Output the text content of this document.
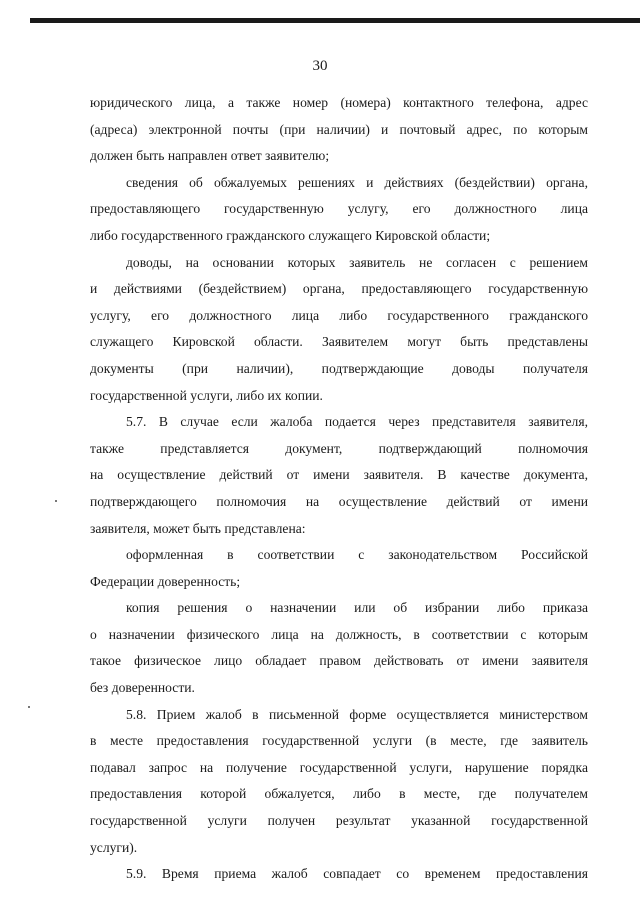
30

юридического лица, а также номер (номера) контактного телефона, адрес

(адреса) электронной почты (при наличии) и почтовый адрес, по которым

должен быть направлен ответ заявителю;

сведения об обжалуемых решениях и действиях (бездействии) органа,

предоставляющего государственную услугу, его должностного лица

либо государственного гражданского служащего Кировской области;

доводы, на основании которых заявитель не согласен с решением

и действиями (бездействием) органа, предоставляющего государственную

услугу, его должностного лица либо государственного гражданского

служащего Кировской области. Заявителем могут быть представлены

документы (при наличии), подтверждающие доводы получателя

государственной услуги, либо их копии.

5.7. В случае если жалоба подается через представителя заявителя,

также представляется документ, подтверждающий полномочия

на осуществление действий от имени заявителя. В качестве документа,

подтверждающего полномочия на осуществление действий от имени

заявителя, может быть представлена:

оформленная в соответствии с законодательством Российской

Федерации доверенность;

копия решения о назначении или об избрании либо приказа

о назначении физического лица на должность, в соответствии с которым

такое физическое лицо обладает правом действовать от имени заявителя

без доверенности.

5.8. Прием жалоб в письменной форме осуществляется министерством

в месте предоставления государственной услуги (в месте, где заявитель

подавал запрос на получение государственной услуги, нарушение порядка

предоставления которой обжалуется, либо в месте, где получателем

государственной услуги получен результат указанной государственной

услуги).

5.9. Время приема жалоб совпадает со временем предоставления
